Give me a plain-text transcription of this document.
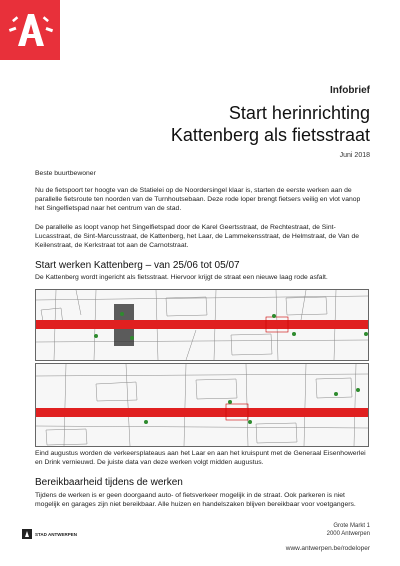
Infobrief
Start herinrichting
Kattenberg als fietsstraat
Juni 2018

Beste buurtbewoner

Nu de fietspoort ter hoogte van de Statielei op de Noordersingel klaar is, starten de eerste werken aan de parallelle fietsroute ten noorden van de Turnhoutsebaan. Deze rode loper brengt fietsers veilig en vlot vanop het Singelfietspad naar het centrum van de stad.

De parallelle as loopt vanop het Singelfietspad door de Karel Geertsstraat, de Rechtestraat, de Sint-Lucasstraat, de Sint-Marcusstraat, de Kattenberg, het Laar, de Lammekensstraat, de Helmstraat, de Van de Keilenstraat, de Kerkstraat tot aan de Carnotstraat.

Start werken Kattenberg – van 25/06 tot 05/07

De Kattenberg wordt ingericht als fietsstraat. Hiervoor krijgt de straat een nieuwe laag rode asfalt.

Eind augustus worden de verkeersplateaus aan het Laar en aan het kruispunt met de Generaal Eisenhowerlei en Drink vernieuwd. De juiste data van deze werken volgt midden augustus.

Bereikbaarheid tijdens de werken

Tijdens de werken is er geen doorgaand auto- of fietsverkeer mogelijk in de straat. Ook parkeren is niet mogelijk en garages zijn niet bereikbaar. Alle huizen en handelszaken blijven bereikbaar voor voetgangers.

Grote Markt 1
2000 Antwerpen
STAD ANTWERPEN
www.antwerpen.be/rodeloper
